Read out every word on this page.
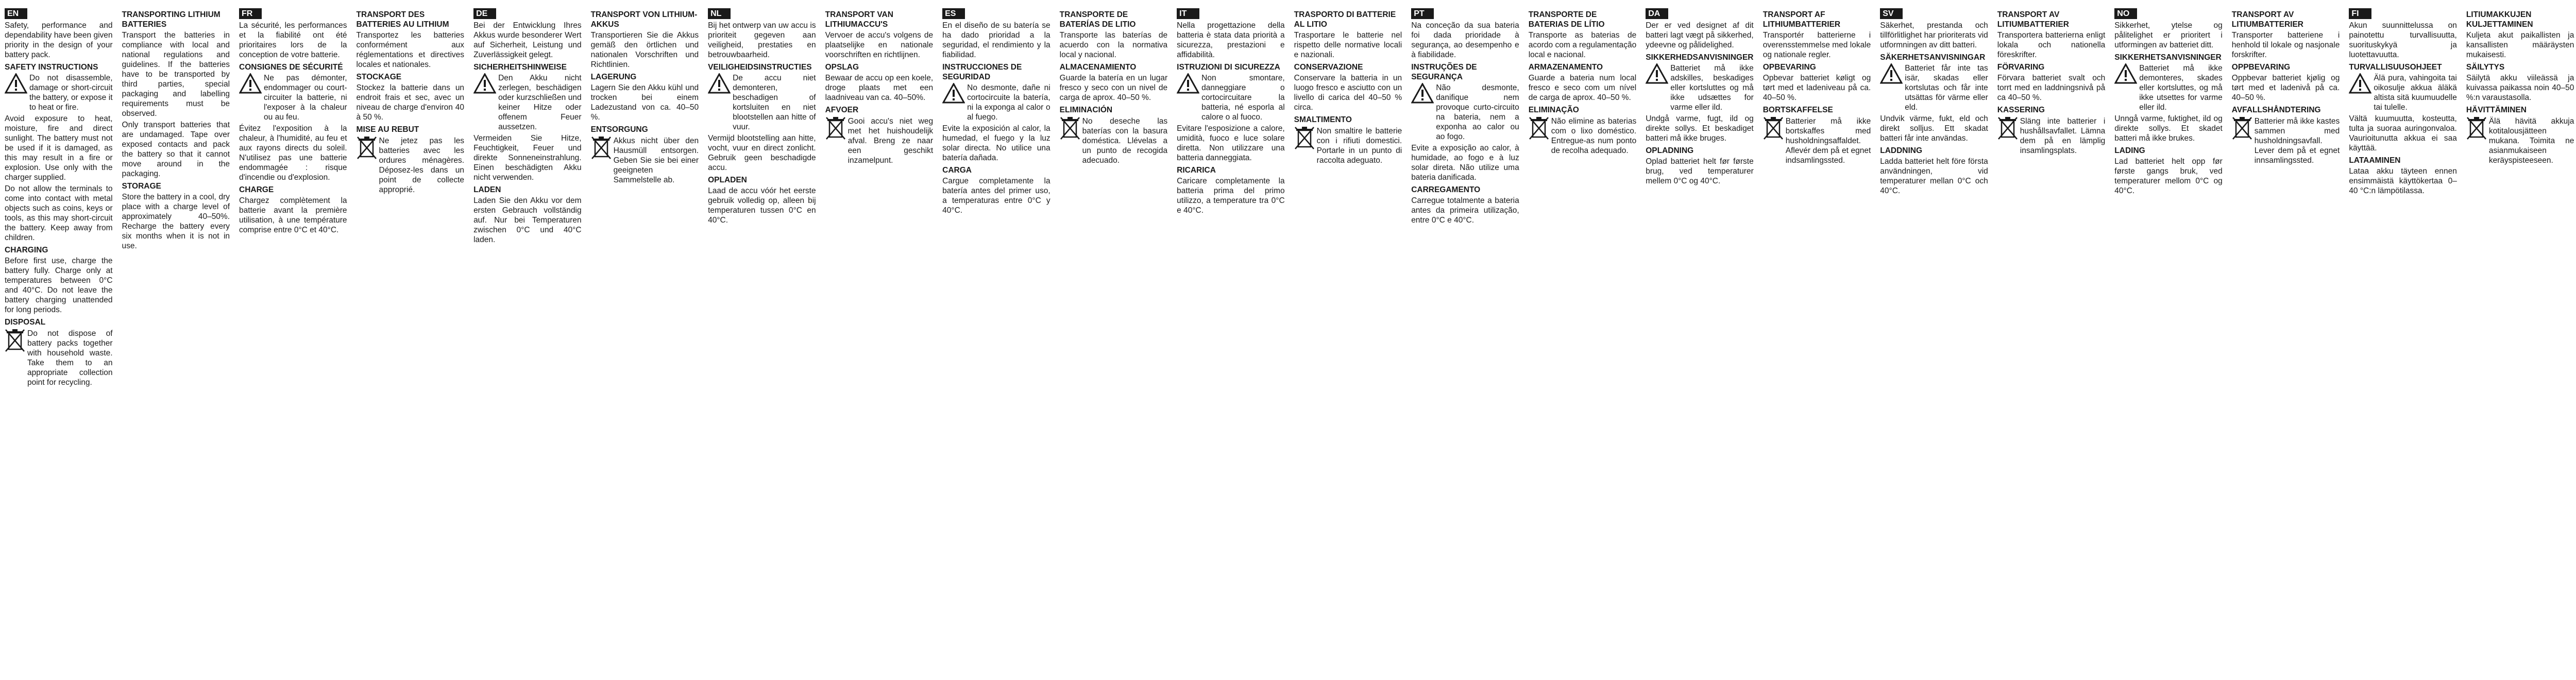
EN

Safety, performance and dependability have been given priority in the design of your battery pack.

SAFETY INSTRUCTIONS
Do not disassemble, damage or short-circuit the battery, or expose it to heat or fire.

Avoid exposure to heat, moisture, fire and direct sunlight. The battery must not be used if it is damaged, as this may result in a fire or explosion. Use only with the charger supplied.

Do not allow the terminals to come into contact with metal objects such as coins, keys or tools, as this may short-circuit the battery. Keep away from children.

CHARGING

Before first use, charge the battery fully. Charge only at temperatures between 0°C and 40°C. Do not leave the battery charging unattended for long periods.

DISPOSAL
Do not dispose of battery packs together with household waste. Take them to an appropriate collection point for recycling.
TRANSPORTING LITHIUM BATTERIES

Transport the batteries in compliance with local and national regulations and guidelines. If the batteries have to be transported by third parties, special packaging and labelling requirements must be observed.

Only transport batteries that are undamaged. Tape over exposed contacts and pack the battery so that it cannot move around in the packaging.

STORAGE

Store the battery in a cool, dry place with a charge level of approximately 40–50%. Recharge the battery every six months when it is not in use.

FR

La sécurité, les performances et la fiabilité ont été prioritaires lors de la conception de votre batterie.

CONSIGNES DE SÉCURITÉ
Ne pas démonter, endommager ou court-circuiter la batterie, ni l'exposer à la chaleur ou au feu.

Évitez l'exposition à la chaleur, à l'humidité, au feu et aux rayons directs du soleil. N'utilisez pas une batterie endommagée : risque d'incendie ou d'explosion.

CHARGE

Chargez complètement la batterie avant la première utilisation, à une température comprise entre 0°C et 40°C.

TRANSPORT DES BATTERIES AU LITHIUM

Transportez les batteries conformément aux réglementations et directives locales et nationales.

STOCKAGE

Stockez la batterie dans un endroit frais et sec, avec un niveau de charge d'environ 40 à 50 %.

MISE AU REBUT
Ne jetez pas les batteries avec les ordures ménagères. Déposez-les dans un point de collecte approprié.
DE

Bei der Entwicklung Ihres Akkus wurde besonderer Wert auf Sicherheit, Leistung und Zuverlässigkeit gelegt.

SICHERHEITSHINWEISE
Den Akku nicht zerlegen, beschädigen oder kurzschließen und keiner Hitze oder offenem Feuer aussetzen.

Vermeiden Sie Hitze, Feuchtigkeit, Feuer und direkte Sonneneinstrahlung. Einen beschädigten Akku nicht verwenden.

LADEN

Laden Sie den Akku vor dem ersten Gebrauch vollständig auf. Nur bei Temperaturen zwischen 0°C und 40°C laden.

TRANSPORT VON LITHIUM-AKKUS

Transportieren Sie die Akkus gemäß den örtlichen und nationalen Vorschriften und Richtlinien.

LAGERUNG

Lagern Sie den Akku kühl und trocken bei einem Ladezustand von ca. 40–50 %.

ENTSORGUNG
Akkus nicht über den Hausmüll entsorgen. Geben Sie sie bei einer geeigneten Sammelstelle ab.
NL

Bij het ontwerp van uw accu is prioriteit gegeven aan veiligheid, prestaties en betrouwbaarheid.

VEILIGHEIDSINSTRUCTIES
De accu niet demonteren, beschadigen of kortsluiten en niet blootstellen aan hitte of vuur.

Vermijd blootstelling aan hitte, vocht, vuur en direct zonlicht. Gebruik geen beschadigde accu.

OPLADEN

Laad de accu vóór het eerste gebruik volledig op, alleen bij temperaturen tussen 0°C en 40°C.

TRANSPORT VAN LITHIUMACCU'S

Vervoer de accu's volgens de plaatselijke en nationale voorschriften en richtlijnen.

OPSLAG

Bewaar de accu op een koele, droge plaats met een laadniveau van ca. 40–50%.

AFVOER
Gooi accu's niet weg met het huishoudelijk afval. Breng ze naar een geschikt inzamelpunt.
ES

En el diseño de su batería se ha dado prioridad a la seguridad, el rendimiento y la fiabilidad.

INSTRUCCIONES DE SEGURIDAD
No desmonte, dañe ni cortocircuite la batería, ni la exponga al calor o al fuego.

Evite la exposición al calor, la humedad, el fuego y la luz solar directa. No utilice una batería dañada.

CARGA

Cargue completamente la batería antes del primer uso, a temperaturas entre 0°C y 40°C.

TRANSPORTE DE BATERÍAS DE LITIO

Transporte las baterías de acuerdo con la normativa local y nacional.

ALMACENAMIENTO

Guarde la batería en un lugar fresco y seco con un nivel de carga de aprox. 40–50 %.

ELIMINACIÓN
No deseche las baterías con la basura doméstica. Llévelas a un punto de recogida adecuado.
IT

Nella progettazione della batteria è stata data priorità a sicurezza, prestazioni e affidabilità.

ISTRUZIONI DI SICUREZZA
Non smontare, danneggiare o cortocircuitare la batteria, né esporla al calore o al fuoco.

Evitare l'esposizione a calore, umidità, fuoco e luce solare diretta. Non utilizzare una batteria danneggiata.

RICARICA

Caricare completamente la batteria prima del primo utilizzo, a temperature tra 0°C e 40°C.

TRASPORTO DI BATTERIE AL LITIO

Trasportare le batterie nel rispetto delle normative locali e nazionali.

CONSERVAZIONE

Conservare la batteria in un luogo fresco e asciutto con un livello di carica del 40–50 % circa.

SMALTIMENTO
Non smaltire le batterie con i rifiuti domestici. Portarle in un punto di raccolta adeguato.
PT

Na conceção da sua bateria foi dada prioridade à segurança, ao desempenho e à fiabilidade.

INSTRUÇÕES DE SEGURANÇA
Não desmonte, danifique nem provoque curto-circuito na bateria, nem a exponha ao calor ou ao fogo.

Evite a exposição ao calor, à humidade, ao fogo e à luz solar direta. Não utilize uma bateria danificada.

CARREGAMENTO

Carregue totalmente a bateria antes da primeira utilização, entre 0°C e 40°C.

TRANSPORTE DE BATERIAS DE LÍTIO

Transporte as baterias de acordo com a regulamentação local e nacional.

ARMAZENAMENTO

Guarde a bateria num local fresco e seco com um nível de carga de aprox. 40–50 %.

ELIMINAÇÃO
Não elimine as baterias com o lixo doméstico. Entregue-as num ponto de recolha adequado.
DA

Der er ved designet af dit batteri lagt vægt på sikkerhed, ydeevne og pålidelighed.

SIKKERHEDSANVISNINGER
Batteriet må ikke adskilles, beskadiges eller kortsluttes og må ikke udsættes for varme eller ild.

Undgå varme, fugt, ild og direkte sollys. Et beskadiget batteri må ikke bruges.

OPLADNING

Oplad batteriet helt før første brug, ved temperaturer mellem 0°C og 40°C.

TRANSPORT AF LITHIUMBATTERIER

Transportér batterierne i overensstemmelse med lokale og nationale regler.

OPBEVARING

Opbevar batteriet køligt og tørt med et ladeniveau på ca. 40–50 %.

BORTSKAFFELSE
Batterier må ikke bortskaffes med husholdningsaffaldet. Aflevér dem på et egnet indsamlingssted.
SV

Säkerhet, prestanda och tillförlitlighet har prioriterats vid utformningen av ditt batteri.

SÄKERHETSANVISNINGAR
Batteriet får inte tas isär, skadas eller kortslutas och får inte utsättas för värme eller eld.

Undvik värme, fukt, eld och direkt solljus. Ett skadat batteri får inte användas.

LADDNING

Ladda batteriet helt före första användningen, vid temperaturer mellan 0°C och 40°C.

TRANSPORT AV LITIUMBATTERIER

Transportera batterierna enligt lokala och nationella föreskrifter.

FÖRVARING

Förvara batteriet svalt och torrt med en laddningsnivå på ca 40–50 %.

KASSERING
Släng inte batterier i hushållsavfallet. Lämna dem på en lämplig insamlingsplats.
NO

Sikkerhet, ytelse og pålitelighet er prioritert i utformingen av batteriet ditt.

SIKKERHETSANVISNINGER
Batteriet må ikke demonteres, skades eller kortsluttes, og må ikke utsettes for varme eller ild.

Unngå varme, fuktighet, ild og direkte sollys. Et skadet batteri må ikke brukes.

LADING

Lad batteriet helt opp før første gangs bruk, ved temperaturer mellom 0°C og 40°C.

TRANSPORT AV LITIUMBATTERIER

Transporter batteriene i henhold til lokale og nasjonale forskrifter.

OPPBEVARING

Oppbevar batteriet kjølig og tørt med et ladenivå på ca. 40–50 %.

AVFALLSHÅNDTERING
Batterier må ikke kastes sammen med husholdningsavfall. Lever dem på et egnet innsamlingssted.
FI

Akun suunnittelussa on painotettu turvallisuutta, suorituskykyä ja luotettavuutta.

TURVALLISUUSOHJEET
Älä pura, vahingoita tai oikosulje akkua äläkä altista sitä kuumuudelle tai tulelle.

Vältä kuumuutta, kosteutta, tulta ja suoraa auringonvaloa. Vaurioitunutta akkua ei saa käyttää.

LATAAMINEN

Lataa akku täyteen ennen ensimmäistä käyttökertaa 0–40 °C:n lämpötilassa.

LITIUMAKKUJEN KULJETTAMINEN

Kuljeta akut paikallisten ja kansallisten määräysten mukaisesti.

SÄILYTYS

Säilytä akku viileässä ja kuivassa paikassa noin 40–50 %:n varaustasolla.

HÄVITTÄMINEN
Älä hävitä akkuja kotitalousjätteen mukana. Toimita ne asianmukaiseen keräyspisteeseen.
